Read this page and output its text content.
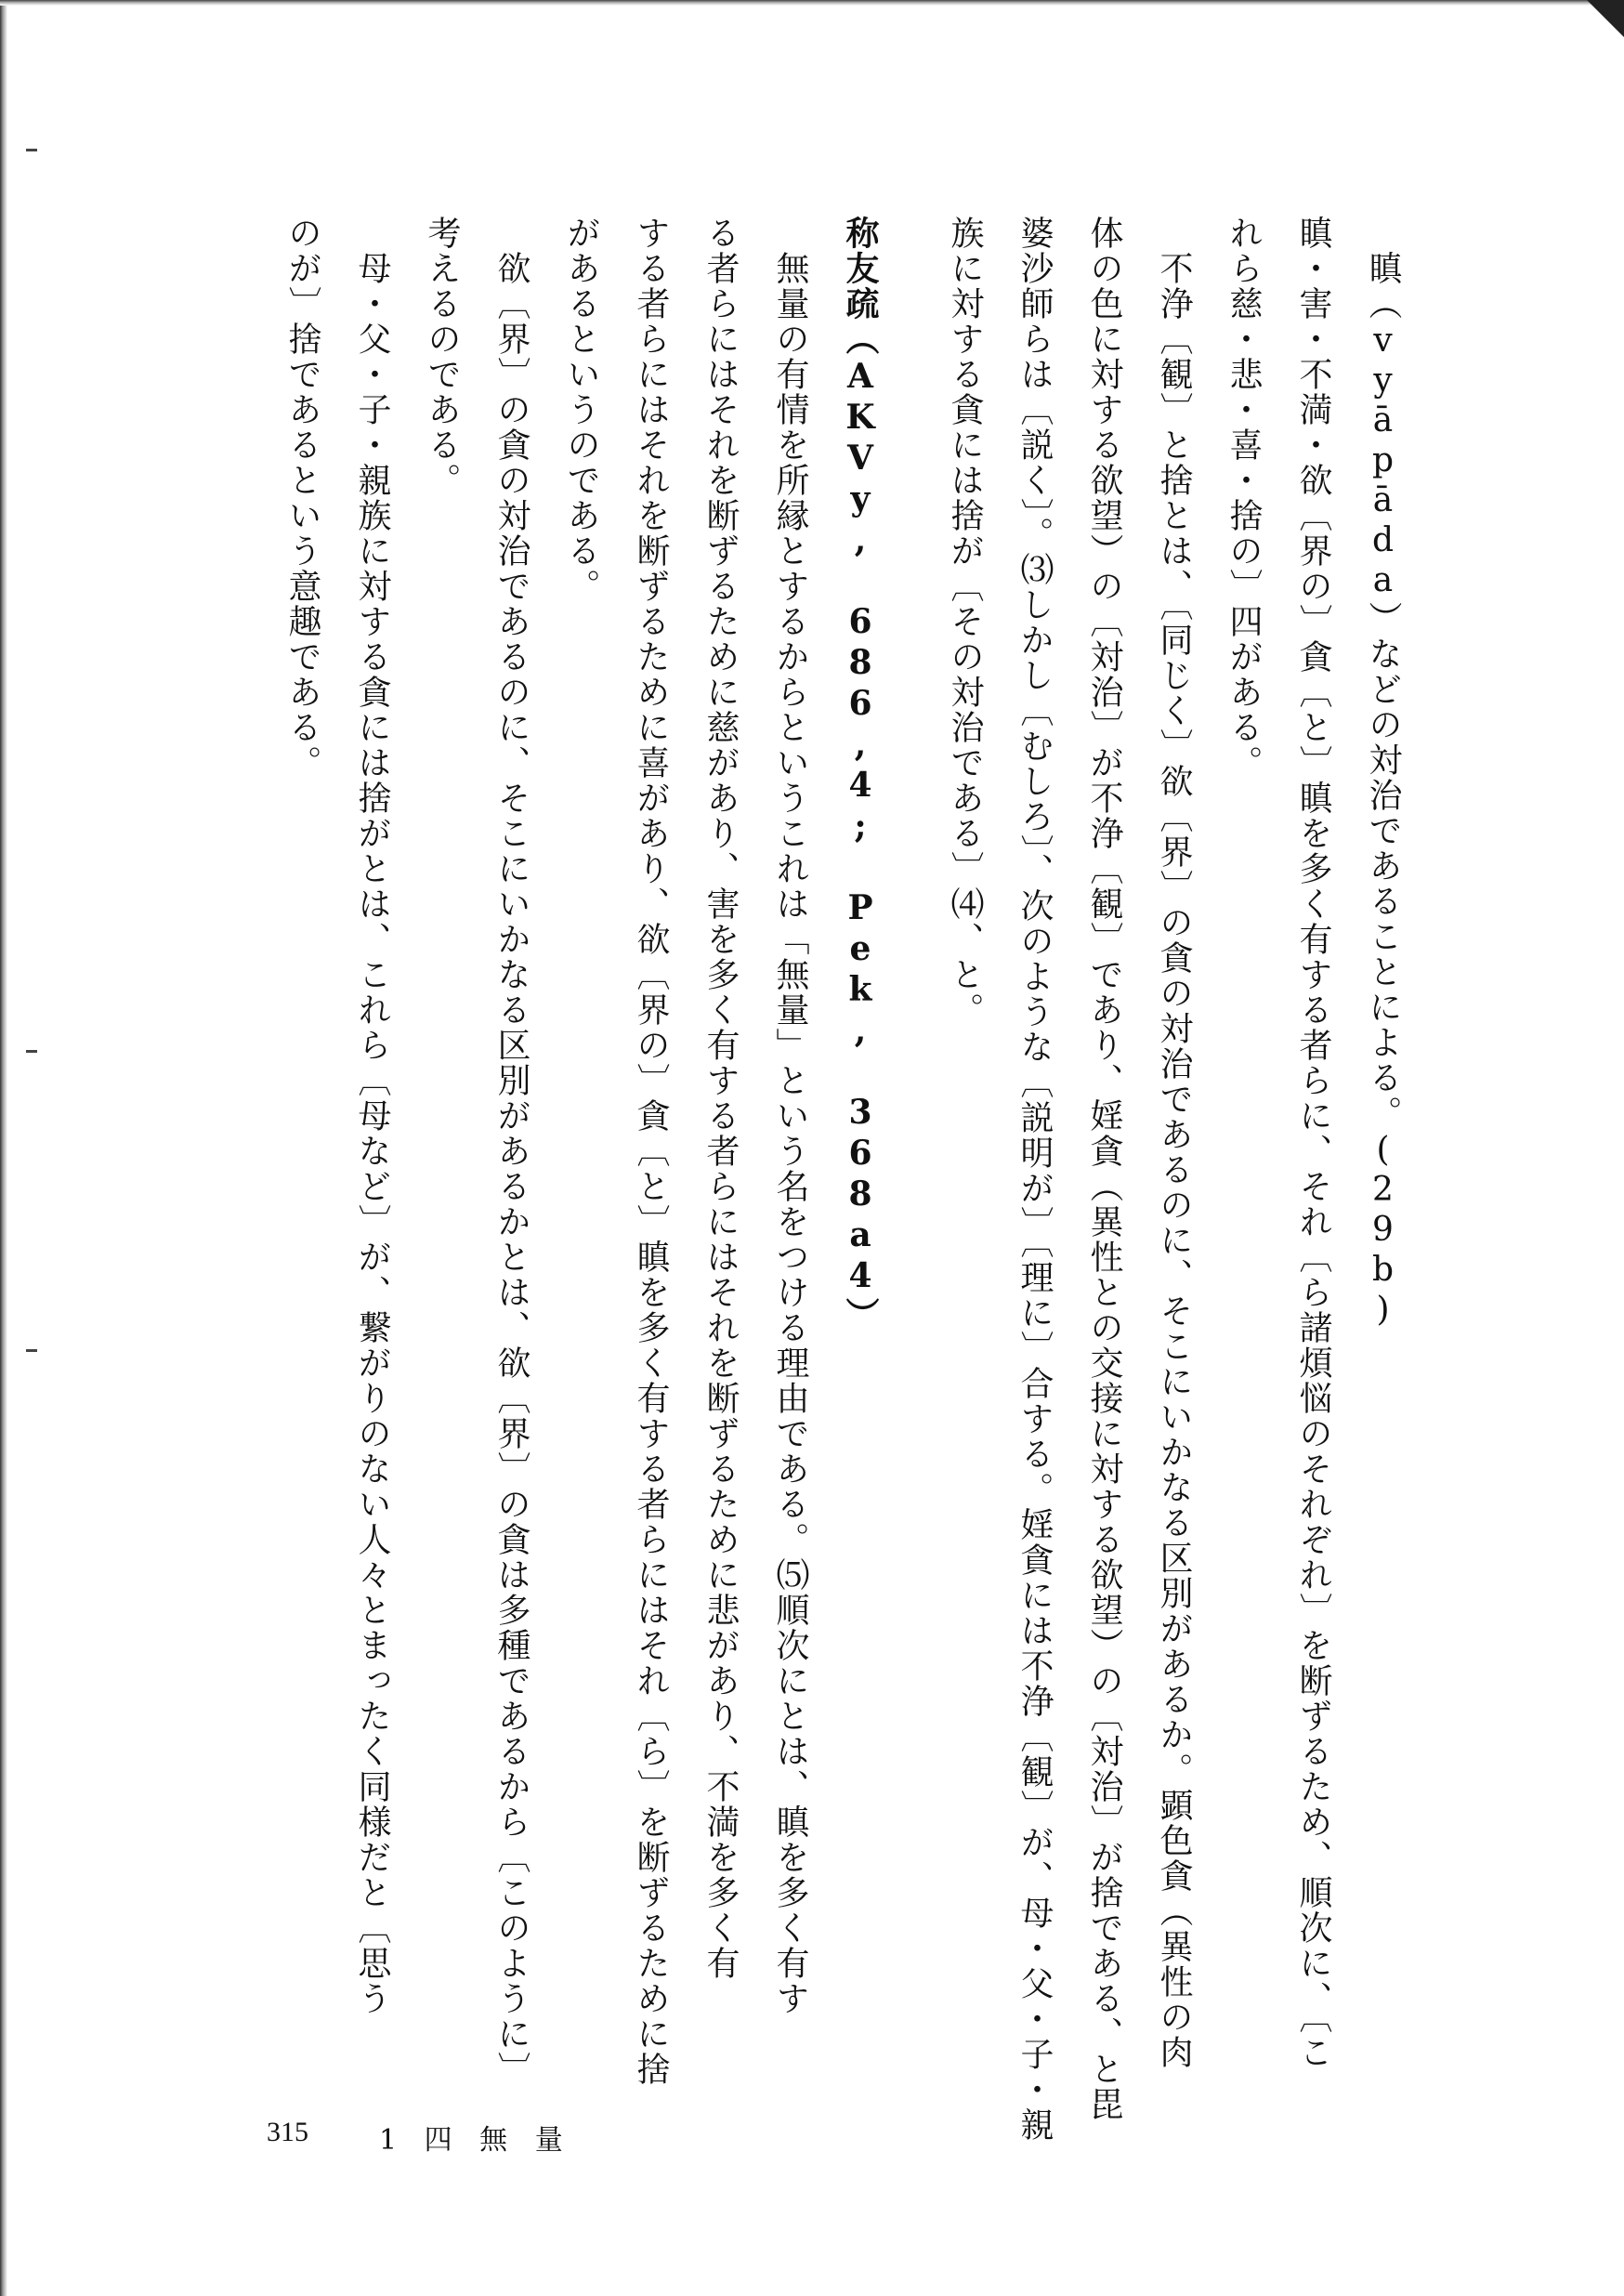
瞋（vyāpāda）などの対治であることによる。(29b)
瞋・害・不満・欲〔界の〕貪〔と〕瞋を多く有する者らに、それ〔ら諸煩悩のそれぞれ〕を断ずるため、順次に、〔こ
れら慈・悲・喜・捨の〕四がある。
不浄〔観〕と捨とは、〔同じく〕欲〔界〕の貪の対治であるのに、そこにいかなる区別があるか。顕色貪（異性の肉
体の色に対する欲望）の〔対治〕が不浄〔観〕であり、婬貪（異性との交接に対する欲望）の〔対治〕が捨である、と毘
婆沙師らは〔説く〕。⑶しかし〔むしろ〕、次のような〔説明が〕〔理に〕合する。婬貪には不浄〔観〕が、母・父・子・親
族に対する貪には捨が〔その対治である〕⑷、と。
称友疏（AKVy, 686,4; Pek, 368a4）
無量の有情を所縁とするからというこれは「無量」という名をつける理由である。⑸順次にとは、瞋を多く有す
る者らにはそれを断ずるために慈があり、害を多く有する者らにはそれを断ずるために悲があり、不満を多く有
する者らにはそれを断ずるために喜があり、欲〔界の〕貪〔と〕瞋を多く有する者らにはそれ〔ら〕を断ずるために捨
があるというのである。
欲〔界〕の貪の対治であるのに、そこにいかなる区別があるかとは、欲〔界〕の貪は多種であるから〔このように〕
考えるのである。
母・父・子・親族に対する貪には捨がとは、これら〔母など〕が、繋がりのない人々とまったく同様だと〔思う
のが〕捨であるという意趣である。
315	1 四 無 量
